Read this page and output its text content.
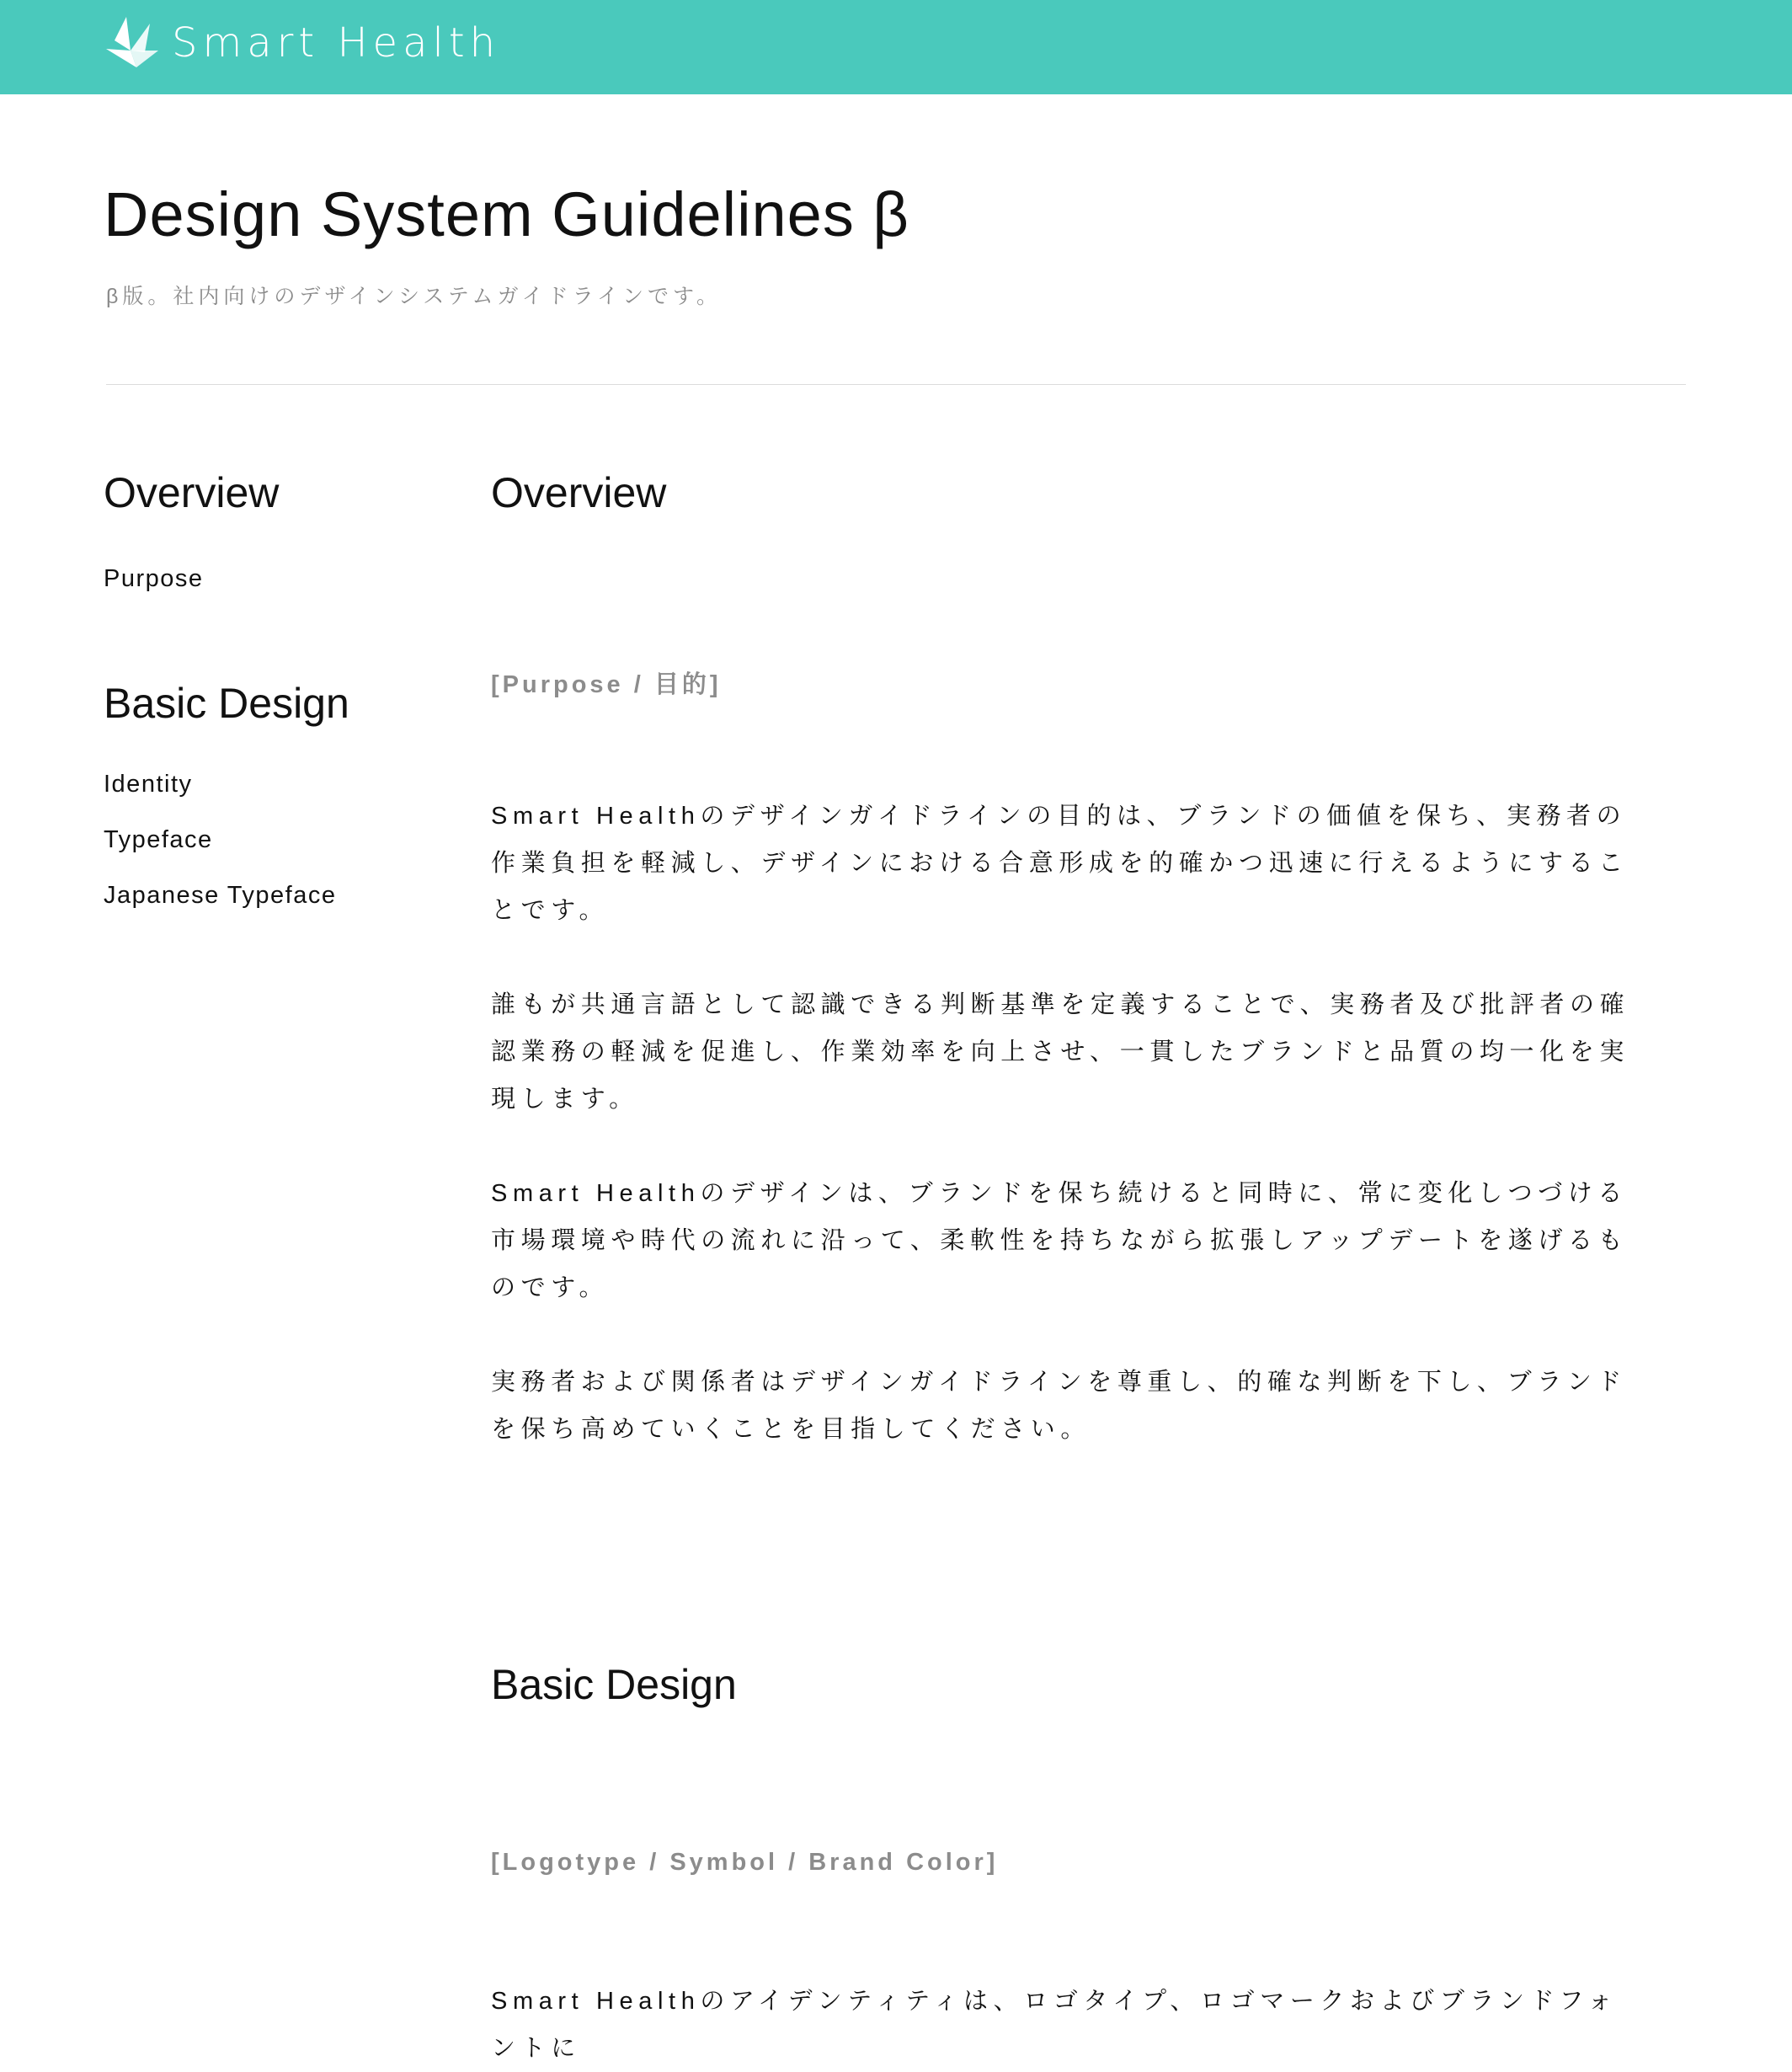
Smart Health
Design System Guidelines β

β版。社内向けのデザインシステムガイドラインです。

Overview
Purpose
Basic Design
Identity
Typeface
Japanese Typeface
Overview

[Purpose / 目的]

Smart Healthのデザインガイドラインの目的は、ブランドの価値を保ち、実務者の作業負担を軽減し、デザインにおける合意形成を的確かつ迅速に行えるようにすることです。

誰もが共通言語として認識できる判断基準を定義することで、実務者及び批評者の確認業務の軽減を促進し、作業効率を向上させ、一貫したブランドと品質の均一化を実現します。

Smart Healthのデザインは、ブランドを保ち続けると同時に、常に変化しつづける市場環境や時代の流れに沿って、柔軟性を持ちながら拡張しアップデートを遂げるものです。

実務者および関係者はデザインガイドラインを尊重し、的確な判断を下し、ブランドを保ち高めていくことを目指してください。

Basic Design

[Logotype / Symbol / Brand Color]

Smart Healthのアイデンティティは、ロゴタイプ、ロゴマークおよびブランドフォントに
